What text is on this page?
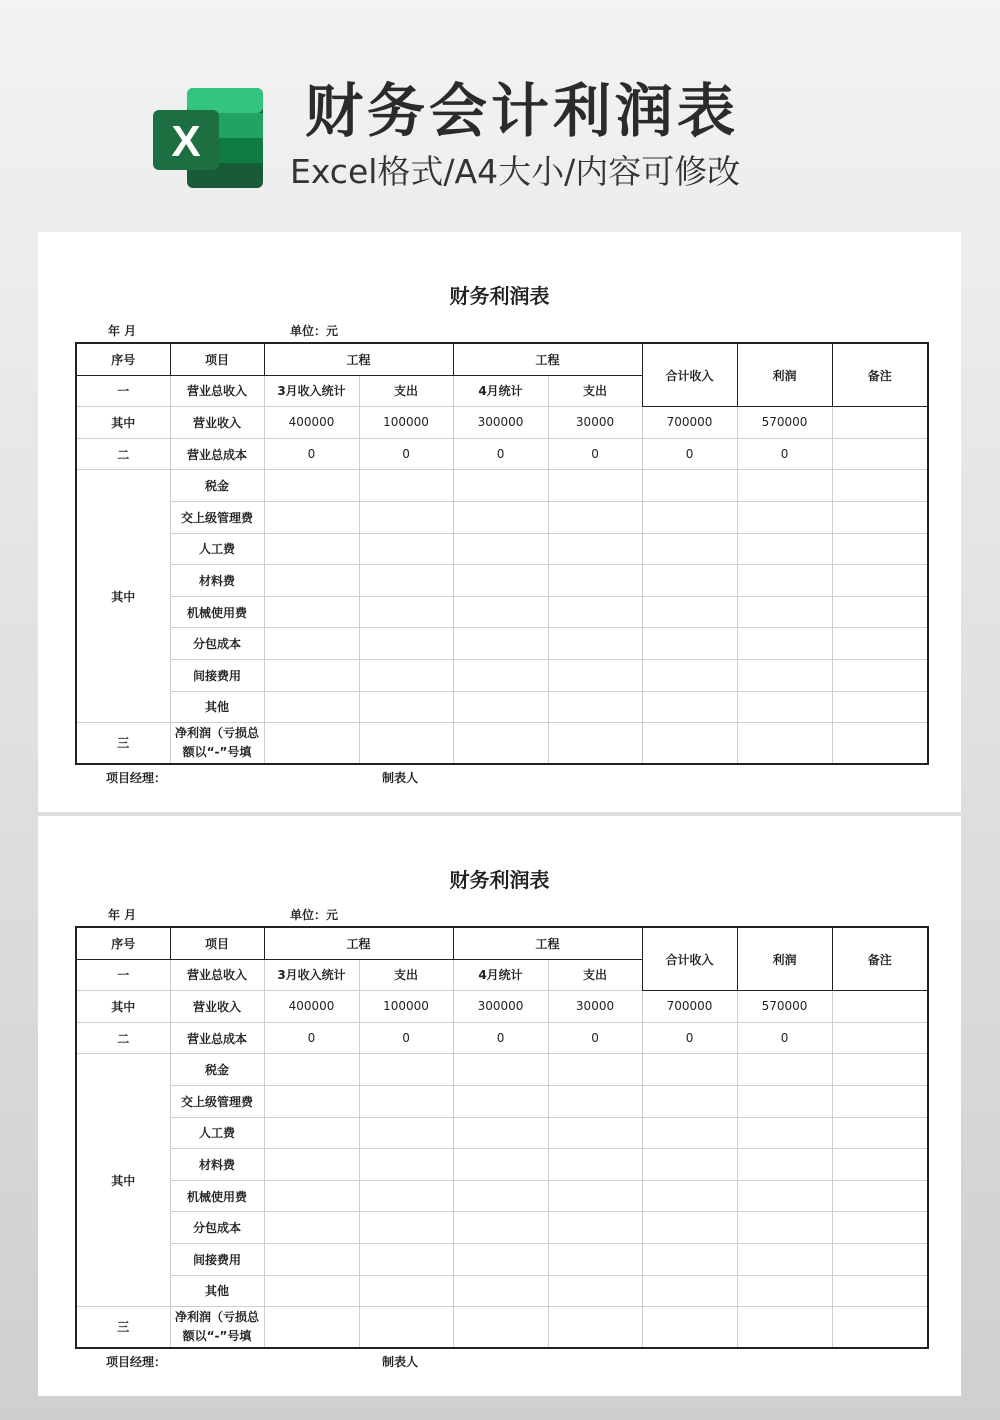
X 财务会计利润表
Excel格式/A4大小/内容可修改
财务利润表
年 月	单位：元
序号	项目	工程		工程		合计收入	利润	备注
一	营业总收入	3月收入统计	支出	4月统计	支出			
其中	营业收入	400000	100000	300000	30000	700000	570000	
二	营业总成本	0	0	0	0	0	0	
其中	税金							
	交上级管理费							
	人工费							
	材料费							
	机械使用费							
	分包成本							
	间接费用							
	其他							
三	净利润（亏损总额以“-”号填							
项目经理：	制表人
财务利润表
年 月	单位：元
序号	项目	工程		工程		合计收入	利润	备注
一	营业总收入	3月收入统计	支出	4月统计	支出			
其中	营业收入	400000	100000	300000	30000	700000	570000	
二	营业总成本	0	0	0	0	0	0	
其中	税金							
	交上级管理费							
	人工费							
	材料费							
	机械使用费							
	分包成本							
	间接费用							
	其他							
三	净利润（亏损总额以“-”号填							
项目经理：	制表人
